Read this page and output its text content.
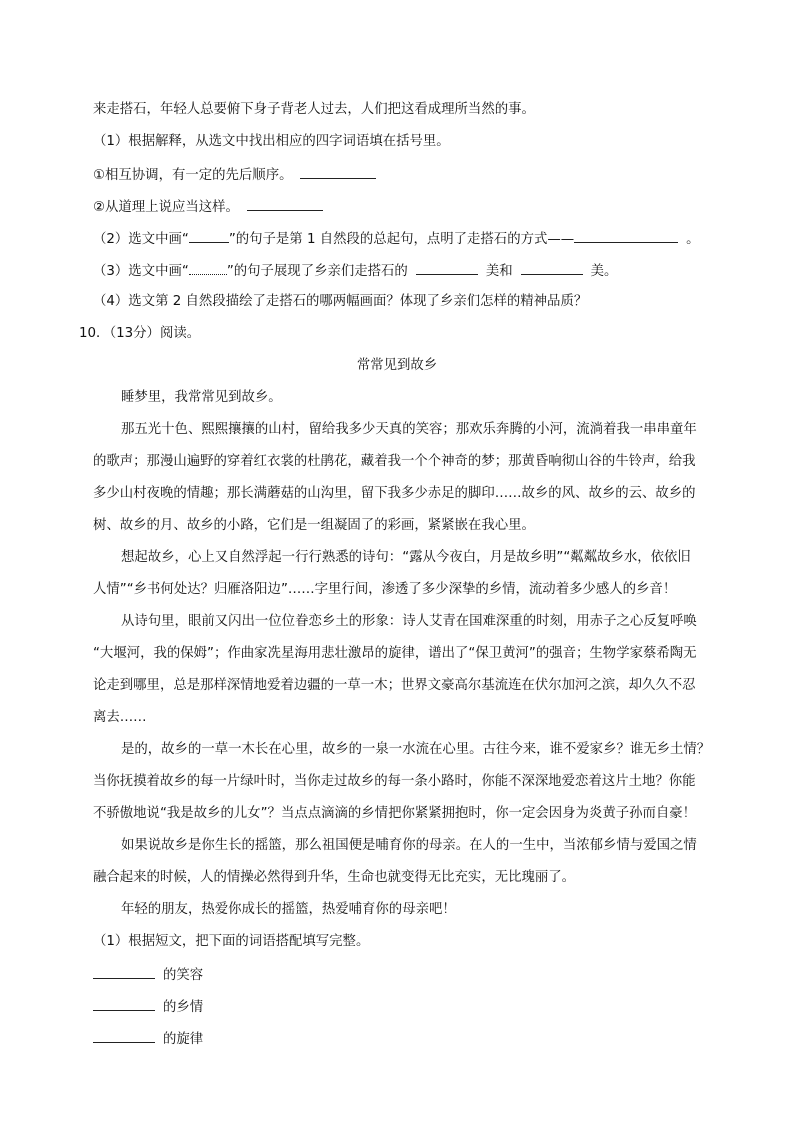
来走搭石，年轻人总要俯下身子背老人过去，人们把这看成理所当然的事。
（1）根据解释，从选文中找出相应的四字词语填在括号里。
①相互协调，有一定的先后顺序。
②从道理上说应当这样。
（2）选文中画“	”的句子是第 1 自然段的总起句，点明了走搭石的方式——	。
（3）选文中画“	”的句子展现了乡亲们走搭石的	美和	美。
（4）选文第 2 自然段描绘了走搭石的哪两幅画面？体现了乡亲们怎样的精神品质？
10．（13分）阅读。
常常见到故乡
睡梦里，我常常见到故乡。
那五光十色、熙熙攘攘的山村，留给我多少天真的笑容；那欢乐奔腾的小河，流淌着我一串串童年
的歌声；那漫山遍野的穿着红衣裳的杜鹃花，藏着我一个个神奇的梦；那黄昏响彻山谷的牛铃声，给我
多少山村夜晚的情趣；那长满蘑菇的山沟里，留下我多少赤足的脚印……故乡的风、故乡的云、故乡的
树、故乡的月、故乡的小路，它们是一组凝固了的彩画，紧紧嵌在我心里。
想起故乡，心上又自然浮起一行行熟悉的诗句：“露从今夜白，月是故乡明”“粼粼故乡水，依依旧
人情”“乡书何处达？归雁洛阳边”……字里行间，渗透了多少深挚的乡情，流动着多少感人的乡音！
从诗句里，眼前又闪出一位位眷恋乡土的形象：诗人艾青在国难深重的时刻，用赤子之心反复呼唤
“大堰河，我的保姆”；作曲家冼星海用悲壮激昂的旋律，谱出了“保卫黄河”的强音；生物学家蔡希陶无
论走到哪里，总是那样深情地爱着边疆的一草一木；世界文豪高尔基流连在伏尔加河之滨，却久久不忍
离去……
是的，故乡的一草一木长在心里，故乡的一泉一水流在心里。古往今来，谁不爱家乡？谁无乡土情？
当你抚摸着故乡的每一片绿叶时，当你走过故乡的每一条小路时，你能不深深地爱恋着这片土地？你能
不骄傲地说“我是故乡的儿女”？当点点滴滴的乡情把你紧紧拥抱时，你一定会因身为炎黄子孙而自豪！
如果说故乡是你生长的摇篮，那么祖国便是哺育你的母亲。在人的一生中，当浓郁乡情与爱国之情
融合起来的时候，人的情操必然得到升华，生命也就变得无比充实，无比瑰丽了。
年轻的朋友，热爱你成长的摇篮，热爱哺育你的母亲吧！
（1）根据短文，把下面的词语搭配填写完整。
的笑容
的乡情
的旋律
